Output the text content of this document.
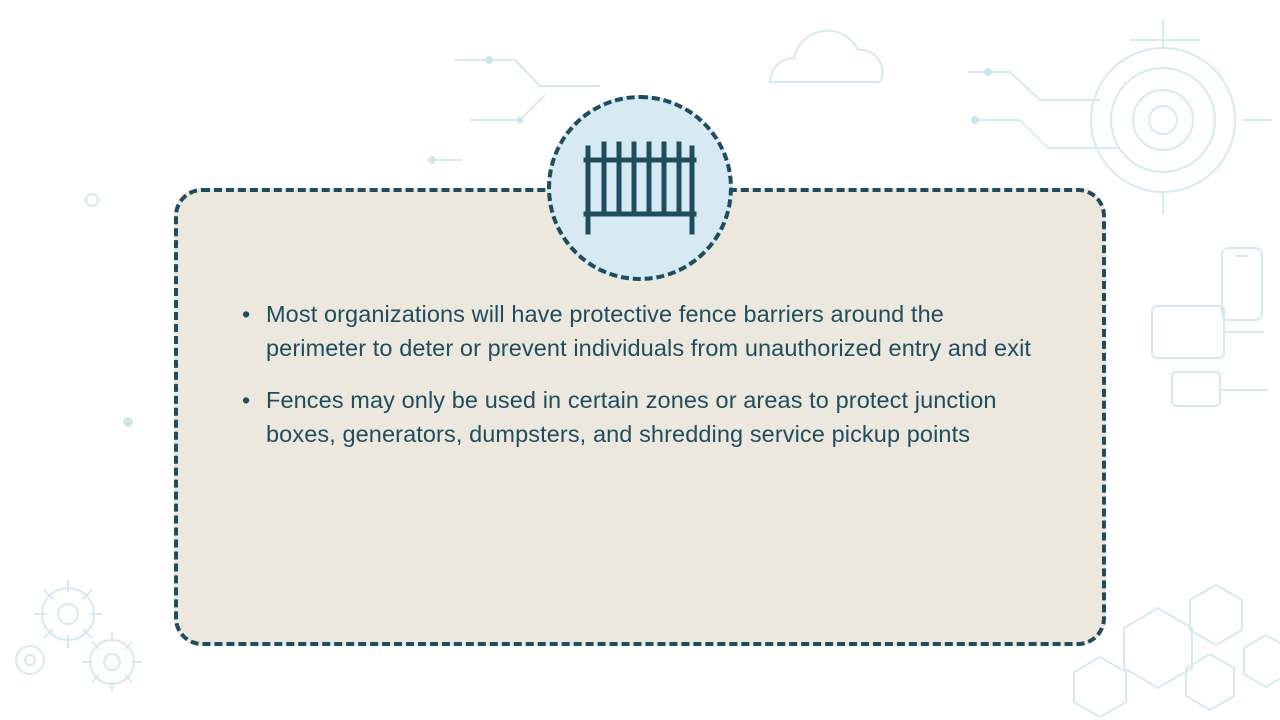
• Most organizations will have protective fence barriers around the perimeter to deter or prevent individuals from unauthorized entry and exit
• Fences may only be used in certain zones or areas to protect junction boxes, generators, dumpsters, and shredding service pickup points
